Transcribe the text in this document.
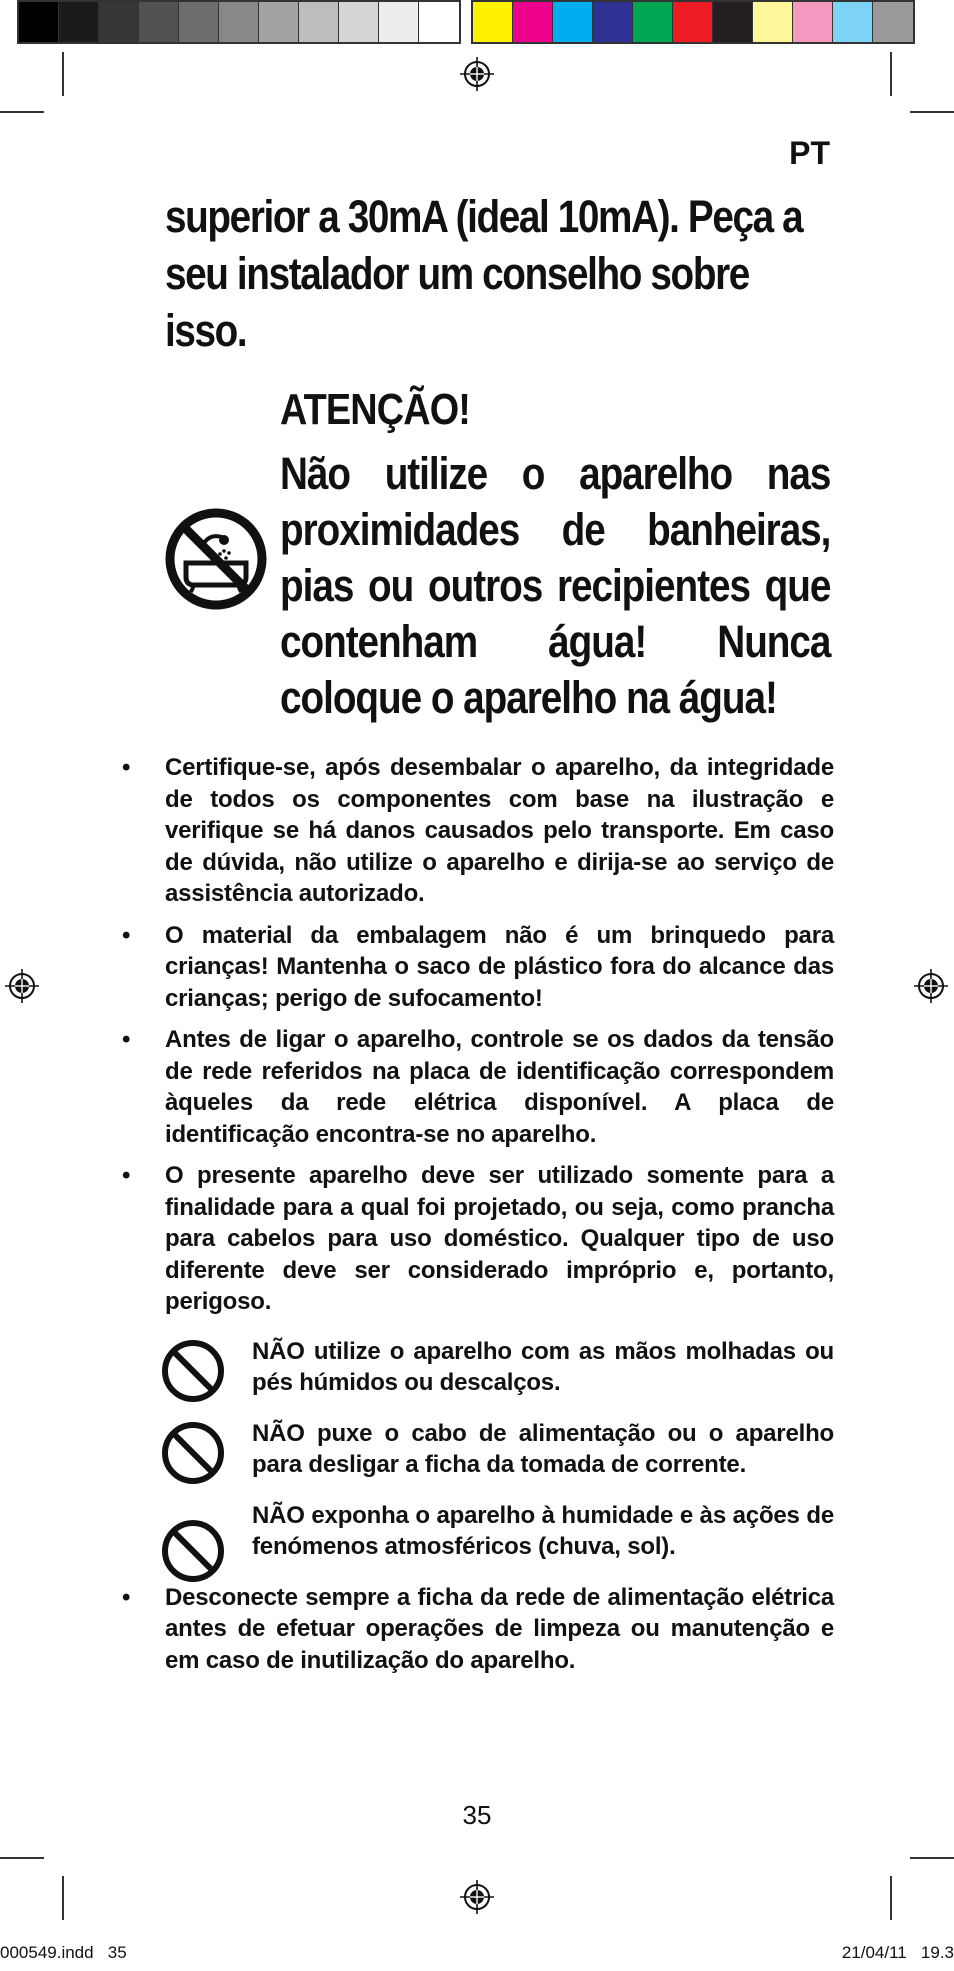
PT
superior a 30mA (ideal 10mA). Peça a seu instalador um conselho sobre isso.
ATENÇÃO!
Não utilize o aparelho nas proximidades de banheiras, pias ou outros recipientes que contenham água! Nunca coloque o aparelho na água!
• Certifique-se, após desembalar o aparelho, da integridade de todos os componentes com base na ilustração e verifique se há danos causados pelo transporte. Em caso de dúvida, não utilize o aparelho e dirija-se ao serviço de assistência autorizado.
• O material da embalagem não é um brinquedo para crianças! Mantenha o saco de plástico fora do alcance das crianças; perigo de sufocamento!
• Antes de ligar o aparelho, controle se os dados da tensão de rede referidos na placa de identificação correspondem àqueles da rede elétrica disponível. A placa de identificação encontra-se no aparelho.
• O presente aparelho deve ser utilizado somente para a finalidade para a qual foi projetado, ou seja, como prancha para cabelos para uso doméstico. Qualquer tipo de uso diferente deve ser considerado impróprio e, portanto, perigoso.
NÃO utilize o aparelho com as mãos molhadas ou pés húmidos ou descalços.
NÃO puxe o cabo de alimentação ou o aparelho para desligar a ficha da tomada de corrente.
NÃO exponha o aparelho à humidade e às ações de fenómenos atmosféricos (chuva, sol).
• Desconecte sempre a ficha da rede de alimentação elétrica antes de efetuar operações de limpeza ou manutenção e em caso de inutilização do aparelho.
35
000549.indd   35	21/04/11   19.3
